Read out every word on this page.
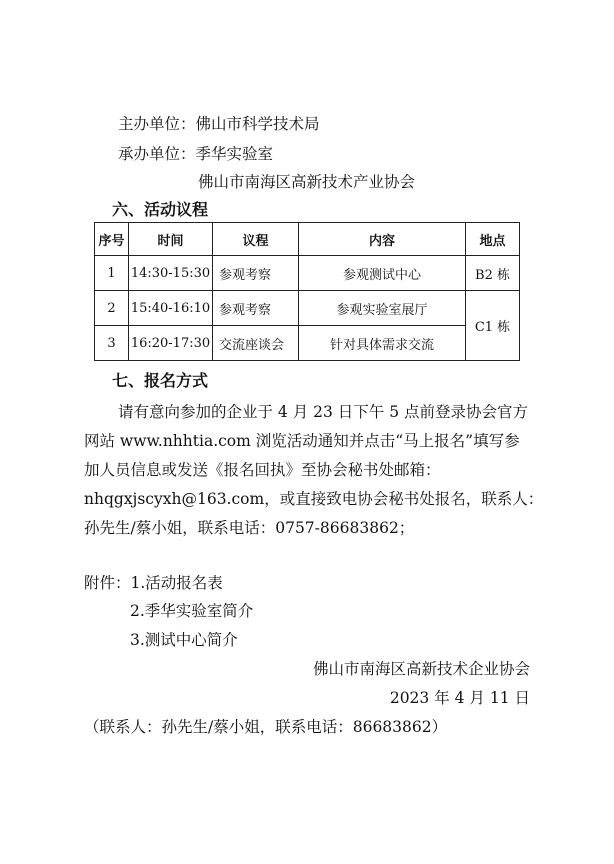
主办单位：佛山市科学技术局
承办单位：季华实验室
佛山市南海区高新技术产业协会
六、活动议程
序号	时间	议程	内容	地点
1	14:30-15:30	参观考察	参观测试中心	B2 栋
2	15:40-16:10	参观考察	参观实验室展厅	C1 栋
3	16:20-17:30	交流座谈会	针对具体需求交流	
七、报名方式
请有意向参加的企业于 4 月 23 日下午 5 点前登录协会官方
网站 www.nhhtia.com 浏览活动通知并点击“马上报名”填写参
加人员信息或发送《报名回执》至协会秘书处邮箱：
nhqgxjscyxh@163.com，或直接致电协会秘书处报名，联系人：
孙先生/蔡小姐，联系电话：0757-86683862；
附件：1.活动报名表
2.季华实验室简介
3.测试中心简介
佛山市南海区高新技术企业协会
2023 年 4 月 11 日
（联系人：孙先生/蔡小姐，联系电话：86683862）
